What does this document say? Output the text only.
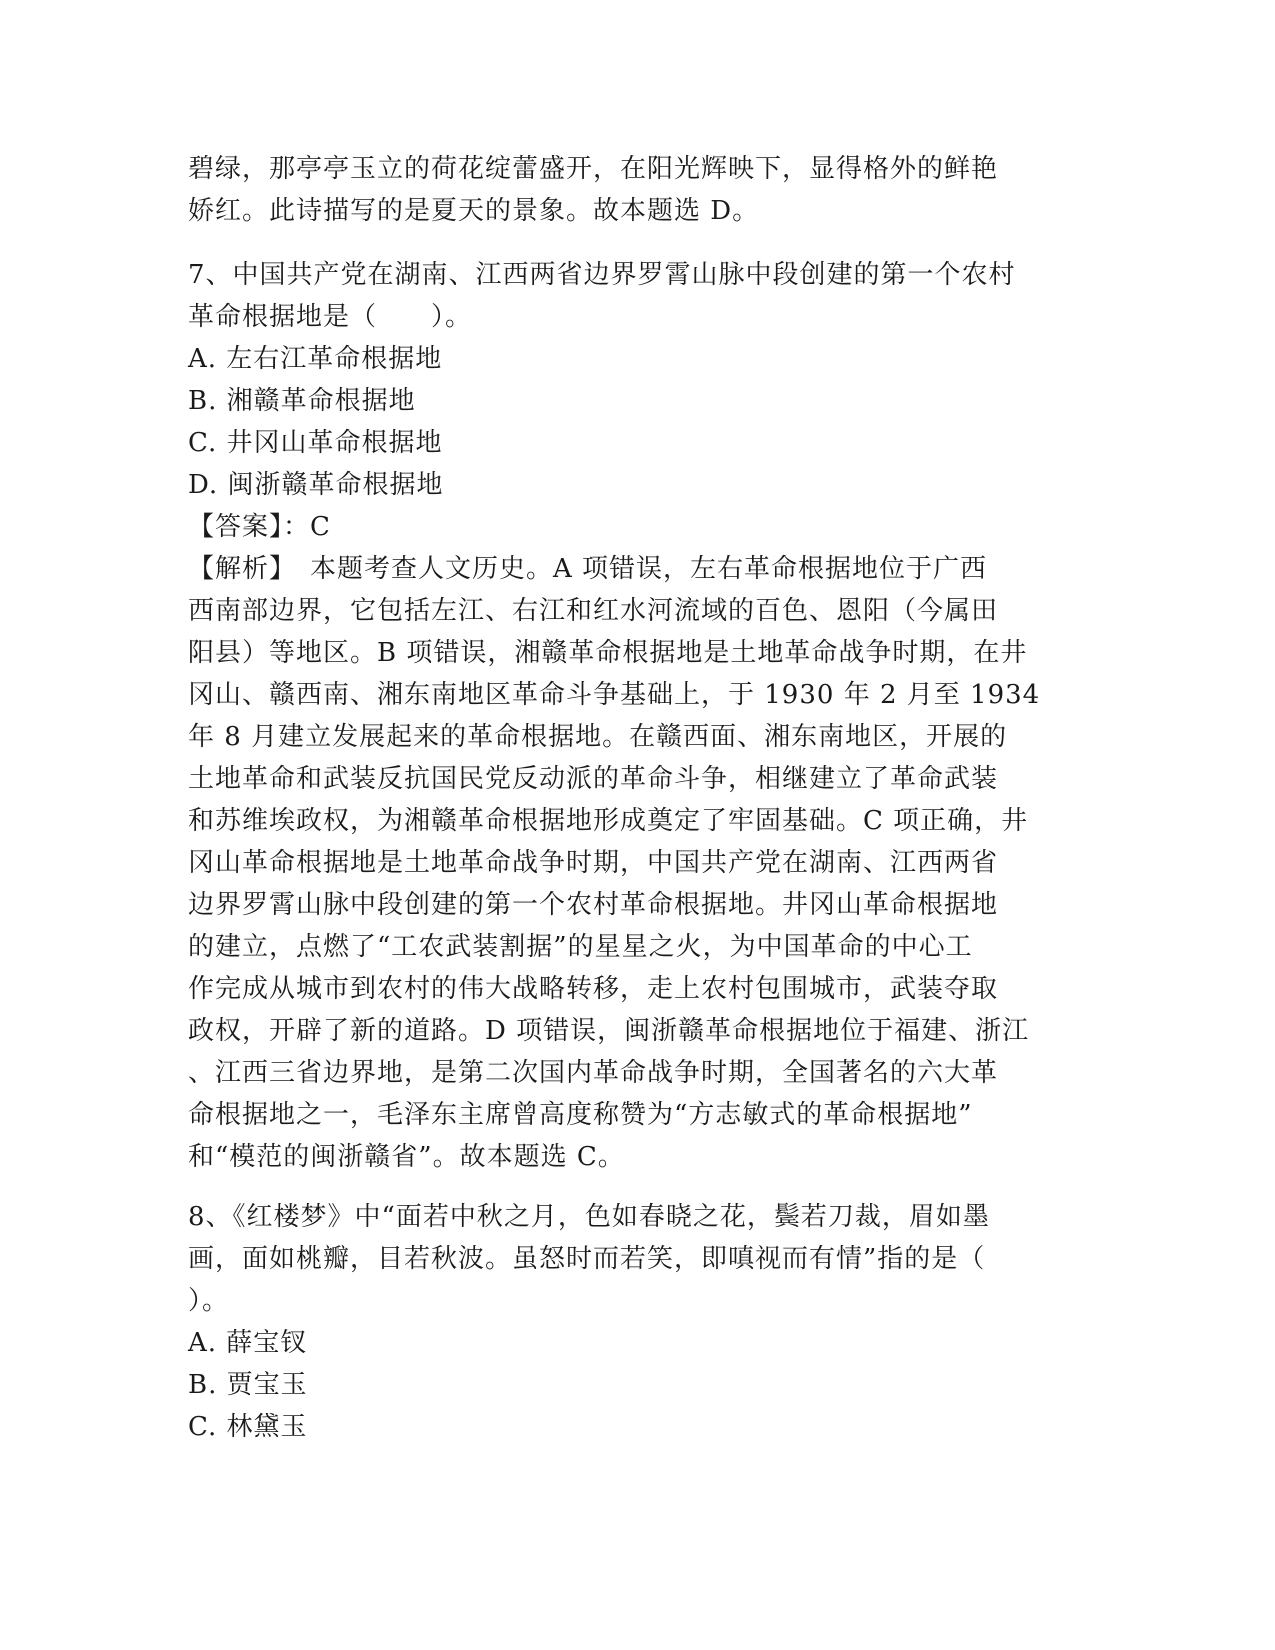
碧绿，那亭亭玉立的荷花绽蕾盛开，在阳光辉映下，显得格外的鲜艳
娇红。此诗描写的是夏天的景象。故本题选 D。
7、中国共产党在湖南、江西两省边界罗霄山脉中段创建的第一个农村
革命根据地是（　　）。
A. 左右江革命根据地
B. 湘赣革命根据地
C. 井冈山革命根据地
D. 闽浙赣革命根据地
【答案】：C
【解析】　本题考查人文历史。A 项错误，左右革命根据地位于广西
西南部边界，它包括左江、右江和红水河流域的百色、恩阳（今属田
阳县）等地区。B 项错误，湘赣革命根据地是土地革命战争时期，在井
冈山、赣西南、湘东南地区革命斗争基础上，于 1930 年 2 月至 1934
年 8 月建立发展起来的革命根据地。在赣西面、湘东南地区，开展的
土地革命和武装反抗国民党反动派的革命斗争，相继建立了革命武装
和苏维埃政权，为湘赣革命根据地形成奠定了牢固基础。C 项正确，井
冈山革命根据地是土地革命战争时期，中国共产党在湖南、江西两省
边界罗霄山脉中段创建的第一个农村革命根据地。井冈山革命根据地
的建立，点燃了“工农武装割据”的星星之火，为中国革命的中心工
作完成从城市到农村的伟大战略转移，走上农村包围城市，武装夺取
政权，开辟了新的道路。D 项错误，闽浙赣革命根据地位于福建、浙江
、江西三省边界地，是第二次国内革命战争时期，全国著名的六大革
命根据地之一，毛泽东主席曾高度称赞为“方志敏式的革命根据地”
和“模范的闽浙赣省”。故本题选 C。
8、《红楼梦》中“面若中秋之月，色如春晓之花，鬓若刀裁，眉如墨
画，面如桃瓣，目若秋波。虽怒时而若笑，即嗔视而有情”指的是（
）。
A. 薛宝钗
B. 贾宝玉
C. 林黛玉
